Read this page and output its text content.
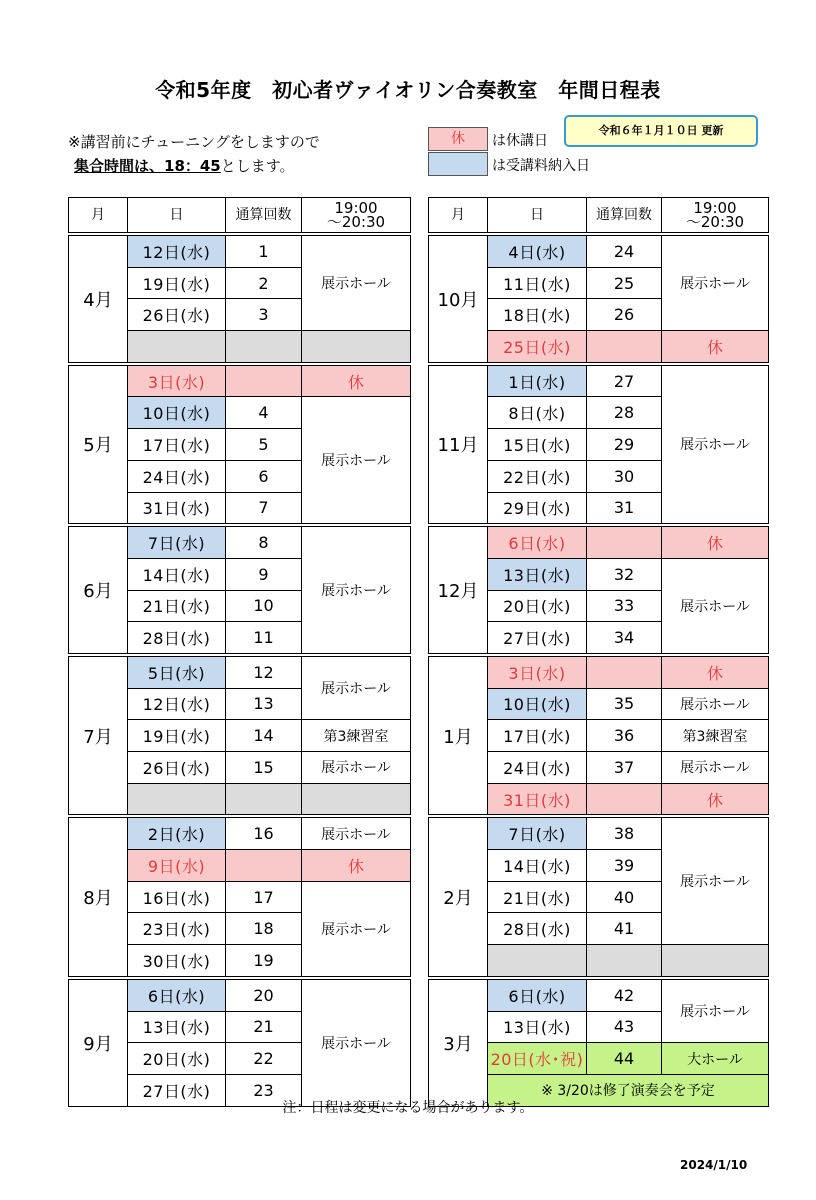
令和5年度　初心者ヴァイオリン合奏教室　年間日程表
※講習前にチューニングをしますので
集合時間は、18：45とします。
休	は休講日
は受講料納入日
令和６年１月１０日 更新
月	日	通算回数	19:00
～20:30

4月	12日(水)	1	展示ホール
	19日(水)	2	
	26日(水)	3	

5月	3日(水)		休
	10日(水)	4	展示ホール
	17日(水)	5	
	24日(水)	6	
	31日(水)	7	

6月	7日(水)	8	展示ホール
	14日(水)	9	
	21日(水)	10	
	28日(水)	11	

7月	5日(水)	12	展示ホール
	12日(水)	13	
	19日(水)	14	第3練習室
	26日(水)	15	展示ホール

8月	2日(水)	16	展示ホール
	9日(水)		休
	16日(水)	17	展示ホール
	23日(水)	18	
	30日(水)	19	

9月	6日(水)	20	展示ホール
	13日(水)	21	
	20日(水)	22	
	27日(水)	23	
月	日	通算回数	19:00
～20:30

10月	4日(水)	24	展示ホール
	11日(水)	25	
	18日(水)	26	
	25日(水)		休

11月	1日(水)	27	展示ホール
	8日(水)	28	
	15日(水)	29	
	22日(水)	30	
	29日(水)	31	

12月	6日(水)		休
	13日(水)	32	展示ホール
	20日(水)	33	
	27日(水)	34	

1月	3日(水)		休
	10日(水)	35	展示ホール
	17日(水)	36	第3練習室
	24日(水)	37	展示ホール
	31日(水)		休

2月	7日(水)	38	展示ホール
	14日(水)	39	
	21日(水)	40	
	28日(水)	41	

3月	6日(水)	42	展示ホール
	13日(水)	43	
	20日(水･祝)	44	大ホール
	※ 3/20は修了演奏会を予定		
注：日程は変更になる場合があります。
2024/1/10
